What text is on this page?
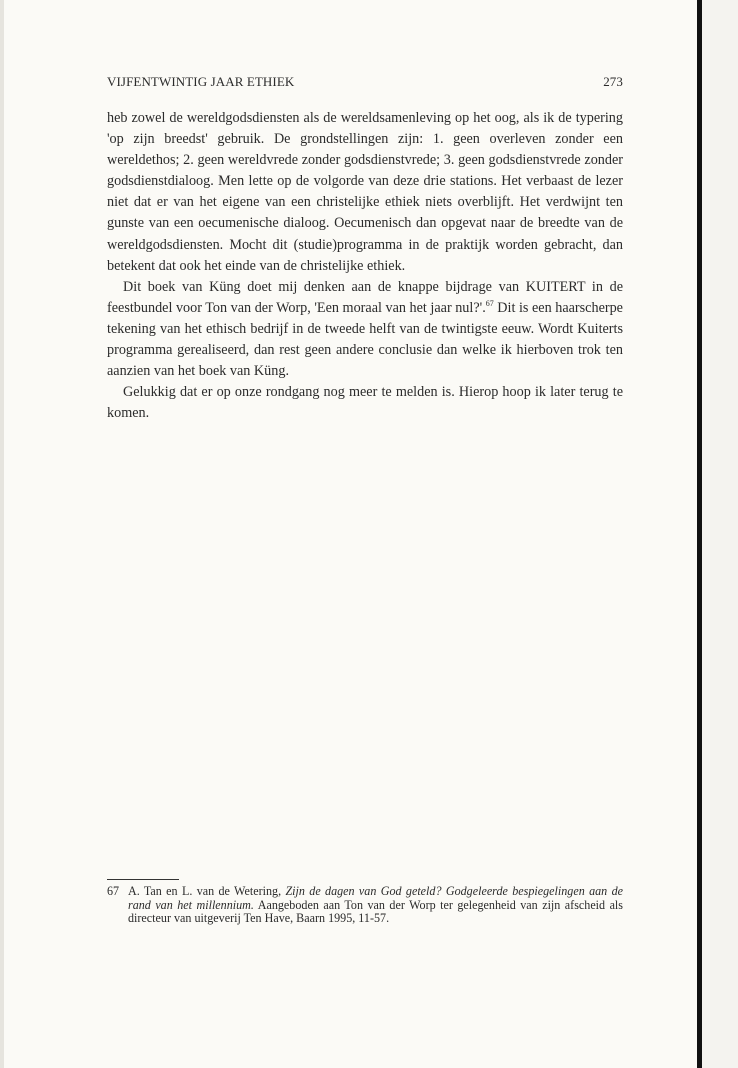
VIJFENTWINTIG JAAR ETHIEK	273

heb zowel de wereldgodsdiensten als de wereldsamenleving op het oog, als ik de typering 'op zijn breedst' gebruik. De grondstellingen zijn: 1. geen overleven zonder een wereldethos; 2. geen wereldvrede zonder godsdienstvrede; 3. geen godsdienstvrede zonder godsdienstdialoog. Men lette op de volgorde van deze drie stations. Het verbaast de lezer niet dat er van het eigene van een christelijke ethiek niets overblijft. Het verdwijnt ten gunste van een oecumenische dialoog. Oecumenisch dan opgevat naar de breedte van de wereldgodsdiensten. Mocht dit (studie)programma in de praktijk worden gebracht, dan betekent dat ook het einde van de christelijke ethiek.

Dit boek van Küng doet mij denken aan de knappe bijdrage van KUITERT in de feestbundel voor Ton van der Worp, 'Een moraal van het jaar nul?'.$^{67}$ Dit is een haarscherpe tekening van het ethisch bedrijf in de tweede helft van de twintigste eeuw. Wordt Kuiterts programma gerealiseerd, dan rest geen andere conclusie dan welke ik hierboven trok ten aanzien van het boek van Küng.

Gelukkig dat er op onze rondgang nog meer te melden is. Hierop hoop ik later terug te komen.

67 A. Tan en L. van de Wetering, Zijn de dagen van God geteld? Godgeleerde bespiegelingen aan de rand van het millennium. Aangeboden aan Ton van der Worp ter gelegenheid van zijn afscheid als directeur van uitgeverij Ten Have, Baarn 1995, 11-57.
